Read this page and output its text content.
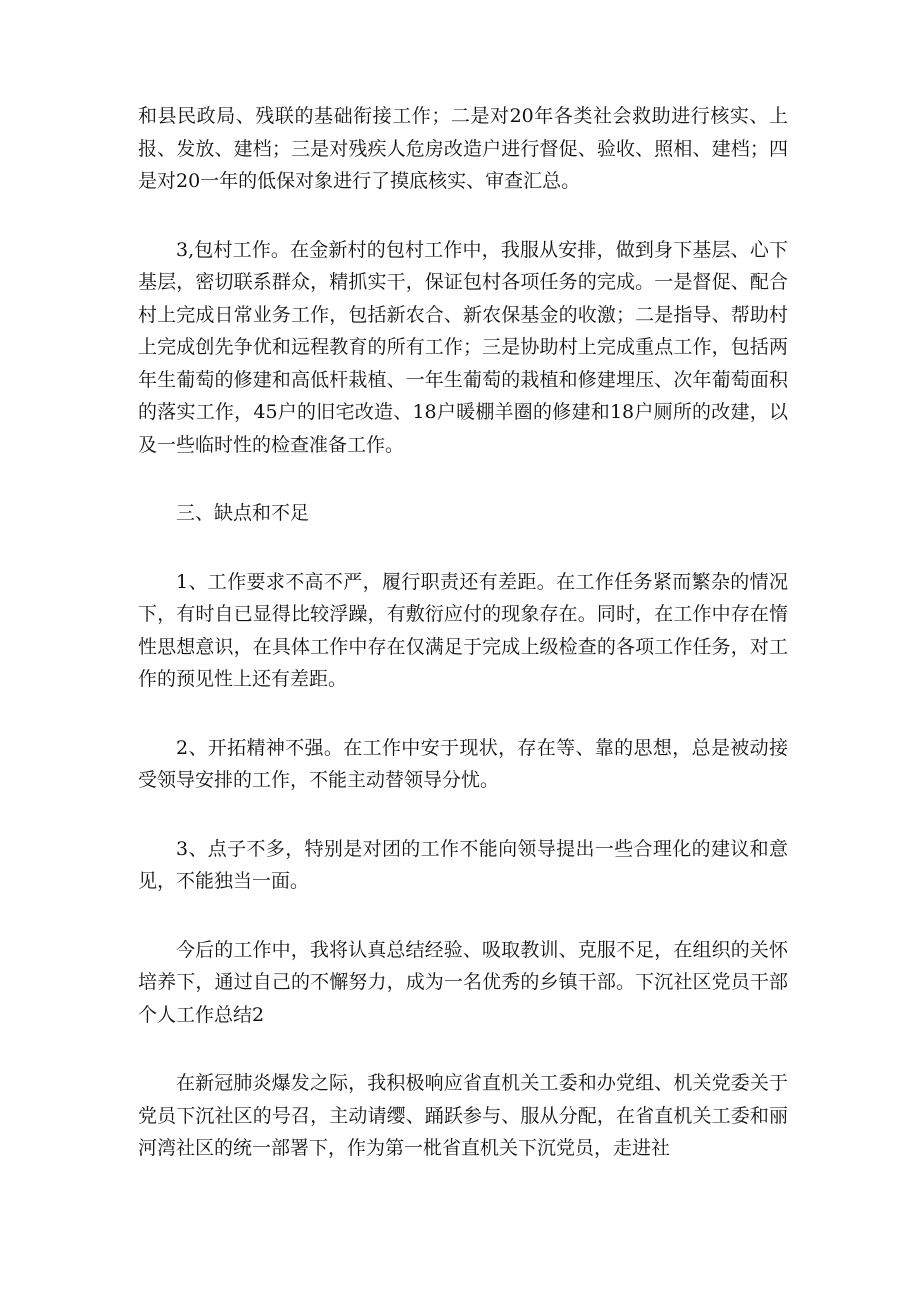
和县民政局、残联的基础衔接工作；二是对20年各类社会救助进行核实、上报、发放、建档；三是对残疾人危房改造户进行督促、验收、照相、建档；四是对20一年的低保对象进行了摸底核实、审查汇总。

3,包村工作。在金新村的包村工作中，我服从安排，做到身下基层、心下基层，密切联系群众，精抓实干，保证包村各项任务的完成。一是督促、配合村上完成日常业务工作，包括新农合、新农保基金的收激；二是指导、帮助村上完成创先争优和远程教育的所有工作；三是协助村上完成重点工作，包括两年生葡萄的修建和高低杆栽植、一年生葡萄的栽植和修建埋压、次年葡萄面积的落实工作，45户的旧宅改造、18户暖棚羊圈的修建和18户厕所的改建，以及一些临时性的检查准备工作。

三、缺点和不足

1、工作要求不高不严，履行职责还有差距。在工作任务紧而繁杂的情况下，有时自已显得比较浮躁，有敷衍应付的现象存在。同时，在工作中存在惰性思想意识，在具体工作中存在仅满足于完成上级检查的各项工作任务，对工作的预见性上还有差距。

2、开拓精神不强。在工作中安于现状，存在等、靠的思想，总是被动接受领导安排的工作，不能主动替领导分忧。

3、点子不多，特别是对团的工作不能向领导提出一些合理化的建议和意见，不能独当一面。

今后的工作中，我将认真总结经验、吸取教训、克服不足，在组织的关怀培养下，通过自己的不懈努力，成为一名优秀的乡镇干部。下沉社区党员干部个人工作总结2

在新冠肺炎爆发之际，我积极响应省直机关工委和办党组、机关党委关于党员下沉社区的号召，主动请缨、踊跃参与、服从分配，在省直机关工委和丽河湾社区的统一部署下，作为第一枇省直机关下沉党员，走进社
